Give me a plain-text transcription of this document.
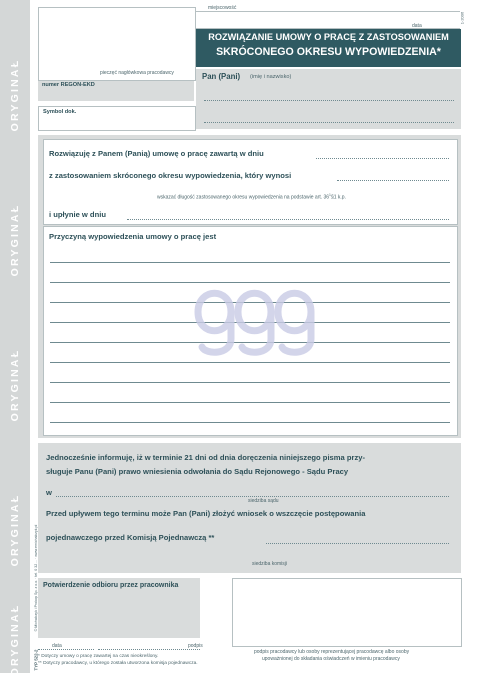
ORYGINAŁ
ORYGINAŁ
ORYGINAŁ
ORYGINAŁ
ORYGINAŁ
© Michalczyk i Prokop Sp. z o.o. · tel. 0 32 ... · www.emichalczyk.pl
TYP 522-2
1-2006
pieczęć nagłówkowa pracodawcy
numer REGON-EKD
Symbol dok.
miejscowość
data
ROZWIĄZANIE UMOWY O PRACĘ Z ZASTOSOWANIEM
SKRÓCONEGO OKRESU WYPOWIEDZENIA*
Pan (Pani) (imię i nazwisko)
Rozwiązuję z Panem (Panią) umowę o pracę zawartą w dniu
z zastosowaniem skróconego okresu wypowiedzenia, który wynosi
wskazać długość zastosowanego okresu wypowiedzenia na podstawie art. $36^1\S 1$ k.p.
i upłynie w dniu
Przyczyną wypowiedzenia umowy o pracę jest
Jednocześnie informuję, iż w terminie 21 dni od dnia doręczenia niniejszego pisma przy-
sługuje Panu (Pani) prawo wniesienia odwołania do Sądu Rejonowego - Sądu Pracy
w
siedziba sądu
Przed upływem tego terminu może Pan (Pani) złożyć wniosek o wszczęcie postępowania
pojednawczego przed Komisją Pojednawczą **
siedziba komisji
Potwierdzenie odbioru przez pracownika
data	podpis
podpis pracodawcy lub osoby reprezentującej pracodawcę albo osoby
upoważnionej do składania oświadczeń w imieniu pracodawcy
* Dotyczy umowy o pracę zawartej na czas nieokreślony.
** Dotyczy pracodawcy, u którego została utworzona komisja pojednawcza.
